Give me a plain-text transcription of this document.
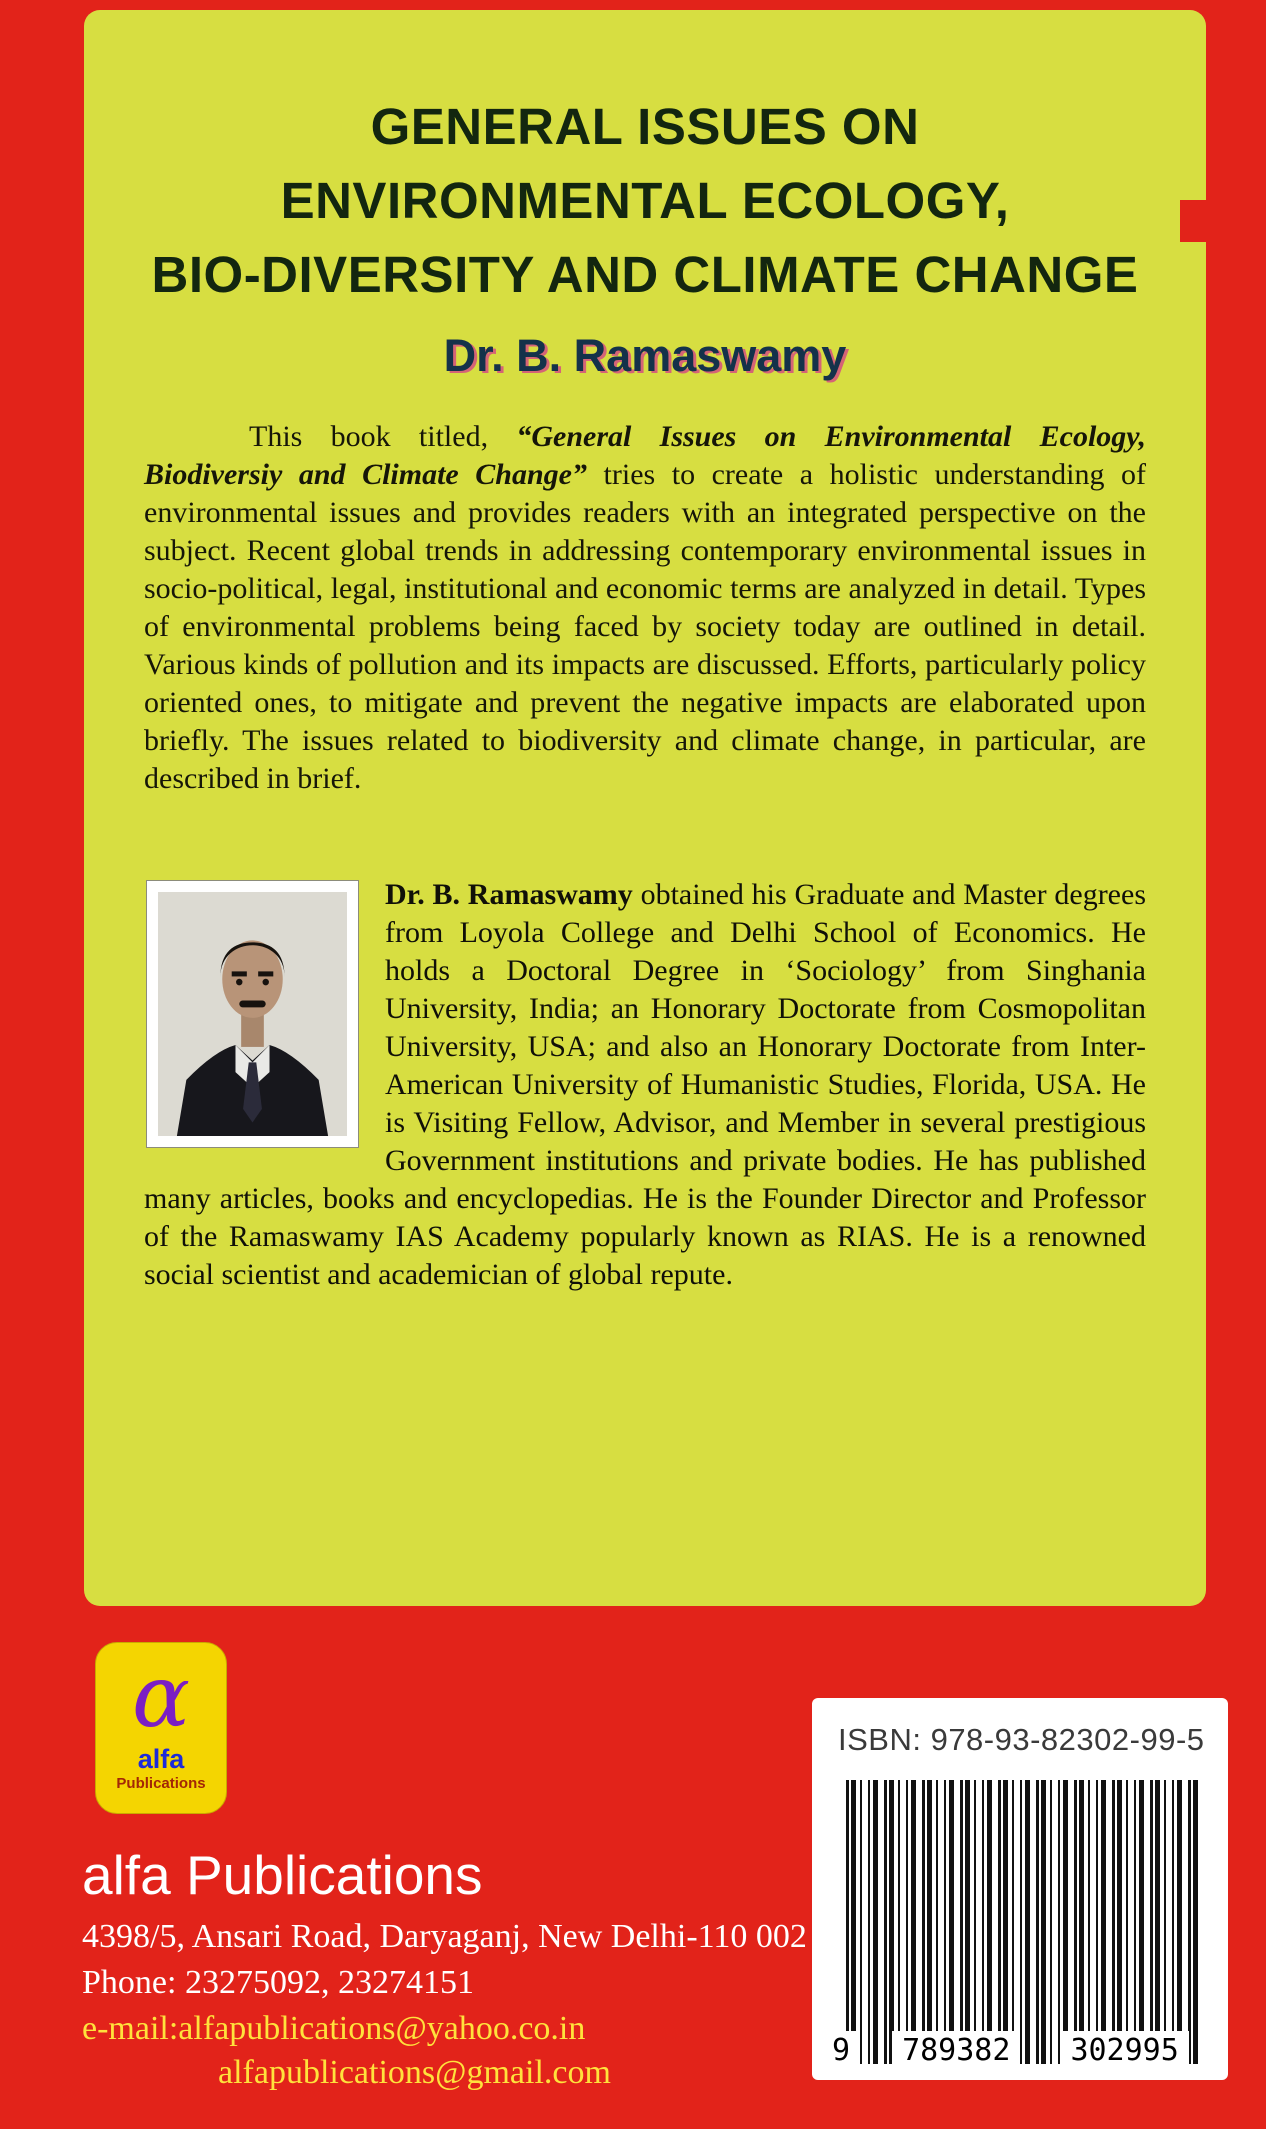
GENERAL ISSUES ON
ENVIRONMENTAL ECOLOGY,
BIO-DIVERSITY AND CLIMATE CHANGE
Dr. B. Ramaswamy

This book titled, “General Issues on Environmental Ecology, Biodiversiy and Climate Change” tries to create a holistic understanding of environmental issues and provides readers with an integrated perspective on the subject. Recent global trends in addressing contemporary environmental issues in socio-political, legal, institutional and economic terms are analyzed in detail. Types of environmental problems being faced by society today are outlined in detail. Various kinds of pollution and its impacts are discussed. Efforts, particularly policy oriented ones, to mitigate and prevent the negative impacts are elaborated upon briefly. The issues related to biodiversity and climate change, in particular, are described in brief.

Dr. B. Ramaswamy obtained his Graduate and Master degrees from Loyola College and Delhi School of Economics. He holds a Doctoral Degree in ‘Sociology’ from Singhania University, India; an Honorary Doctorate from Cosmopolitan University, USA; and also an Honorary Doctorate from Inter-American University of Humanistic Studies, Florida, USA. He is Visiting Fellow, Advisor, and Member in several prestigious Government institutions and private bodies. He has published many articles, books and encyclopedias. He is the Founder Director and Professor of the Ramaswamy IAS Academy popularly known as RIAS. He is a renowned social scientist and academician of global repute.
α
alfa
Publications
alfa Publications
4398/5, Ansari Road, Daryaganj, New Delhi-110 002
Phone: 23275092, 23274151
e-mail:alfapublications@yahoo.co.in
alfapublications@gmail.com
ISBN: 978-93-82302-99-5
9	789382	302995
